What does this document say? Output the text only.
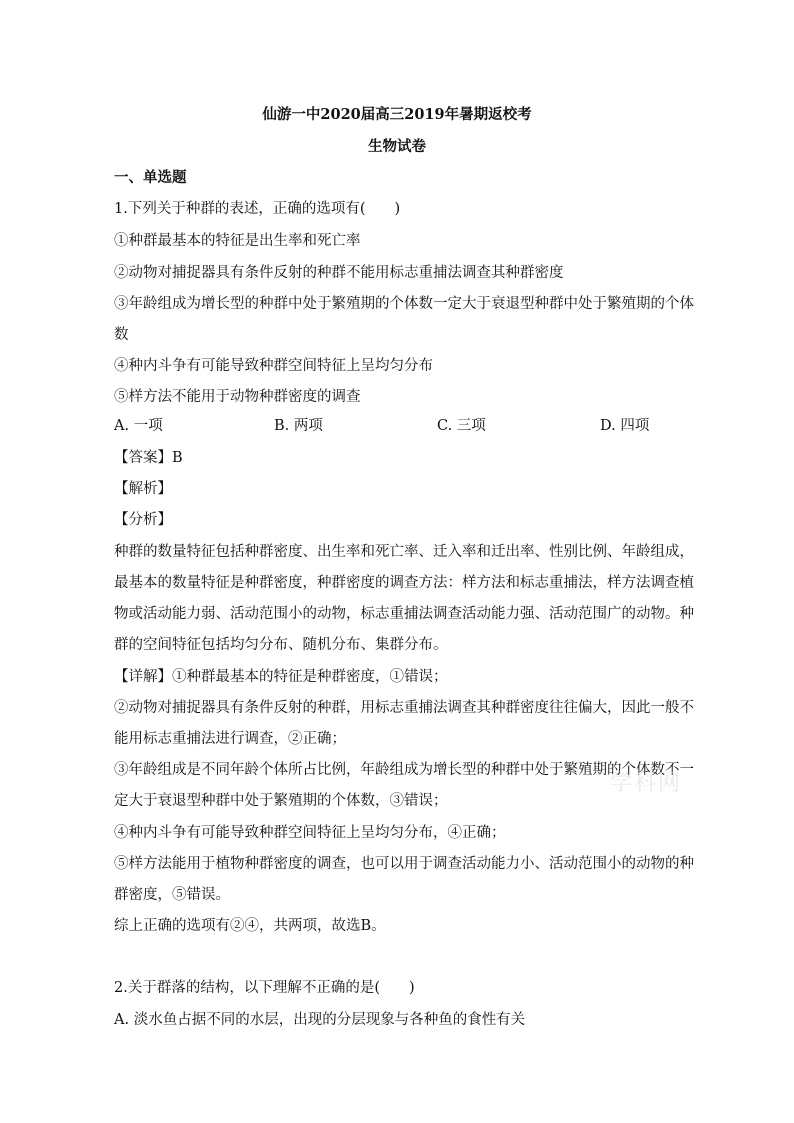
仙游一中2020届高三2019年暑期返校考
生物试卷
一、单选题
1.下列关于种群的表述，正确的选项有(　　)
①种群最基本的特征是出生率和死亡率
②动物对捕捉器具有条件反射的种群不能用标志重捕法调查其种群密度
③年龄组成为增长型的种群中处于繁殖期的个体数一定大于衰退型种群中处于繁殖期的个体
数
④种内斗争有可能导致种群空间特征上呈均匀分布
⑤样方法不能用于动物种群密度的调查
A. 一项	B. 两项	C. 三项	D. 四项
【答案】B
【解析】
【分析】
种群的数量特征包括种群密度、出生率和死亡率、迁入率和迁出率、性别比例、年龄组成，
最基本的数量特征是种群密度，种群密度的调查方法：样方法和标志重捕法，样方法调查植
物或活动能力弱、活动范围小的动物，标志重捕法调查活动能力强、活动范围广的动物。种
群的空间特征包括均匀分布、随机分布、集群分布。
【详解】①种群最基本的特征是种群密度，①错误；
②动物对捕捉器具有条件反射的种群，用标志重捕法调查其种群密度往往偏大，因此一般不
能用标志重捕法进行调查，②正确；
③年龄组成是不同年龄个体所占比例，年龄组成为增长型的种群中处于繁殖期的个体数不一
定大于衰退型种群中处于繁殖期的个体数，③错误；
④种内斗争有可能导致种群空间特征上呈均匀分布，④正确；
⑤样方法能用于植物种群密度的调查，也可以用于调查活动能力小、活动范围小的动物的种
群密度，⑤错误。
综上正确的选项有②④，共两项，故选B。
2.关于群落的结构，以下理解不正确的是(　　)
A. 淡水鱼占据不同的水层，出现的分层现象与各种鱼的食性有关
学科网
